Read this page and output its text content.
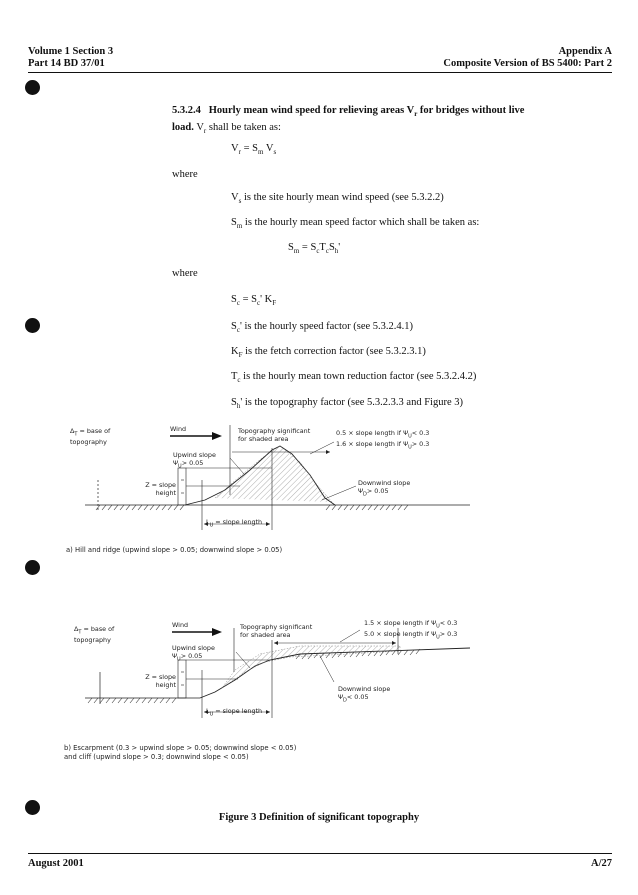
Volume 1 Section 3
Part 14 BD 37/01
Appendix A
Composite Version of BS 5400: Part 2
5.3.2.4 Hourly mean wind speed for relieving areas $V_r$ for bridges without live
load. $V_r$ shall be taken as:
$V_r = S_m$ $V_s$
where
$V_s$ is the site hourly mean wind speed (see 5.3.2.2)
$S_m$ is the hourly mean speed factor which shall be taken as:
$S_m = S_cT_cS_h'$
where
$S_c = S_c'$ $K_F$
$S_c'$ is the hourly speed factor (see 5.3.2.4.1)
$K_F$ is the fetch correction factor (see 5.3.2.3.1)
$T_c$ is the hourly mean town reduction factor (see 5.3.2.4.2)
$S_h'$ is the topography factor (see 5.3.2.3.3 and Figure 3)
$\Delta_T$ = base of
topography
Wind
Upwind slope
$\Psi_U> 0.05$
Topography significant
for shaded area
0.5 × slope length if $\Psi_U< 0.3$
1.6 × slope length if $\Psi_U> 0.3$
Z = slope
height
$L_U$ = slope length
Downwind slope
$\Psi_D> 0.05$
a) Hill and ridge (upwind slope > 0.05; downwind slope > 0.05)
$\Delta_T$ = base of
topography
Wind
Upwind slope
$\Psi_U> 0.05$
Topography significant
for shaded area
1.5 × slope length if $\Psi_U< 0.3$
5.0 × slope length if $\Psi_U> 0.3$
Z = slope
height
$L_U$ = slope length
Downwind slope
$\Psi_D< 0.05$
b) Escarpment (0.3 > upwind slope > 0.05; downwind slope < 0.05)
and cliff (upwind slope > 0.3; downwind slope < 0.05)
Figure 3 Definition of significant topography
August 2001	A/27
